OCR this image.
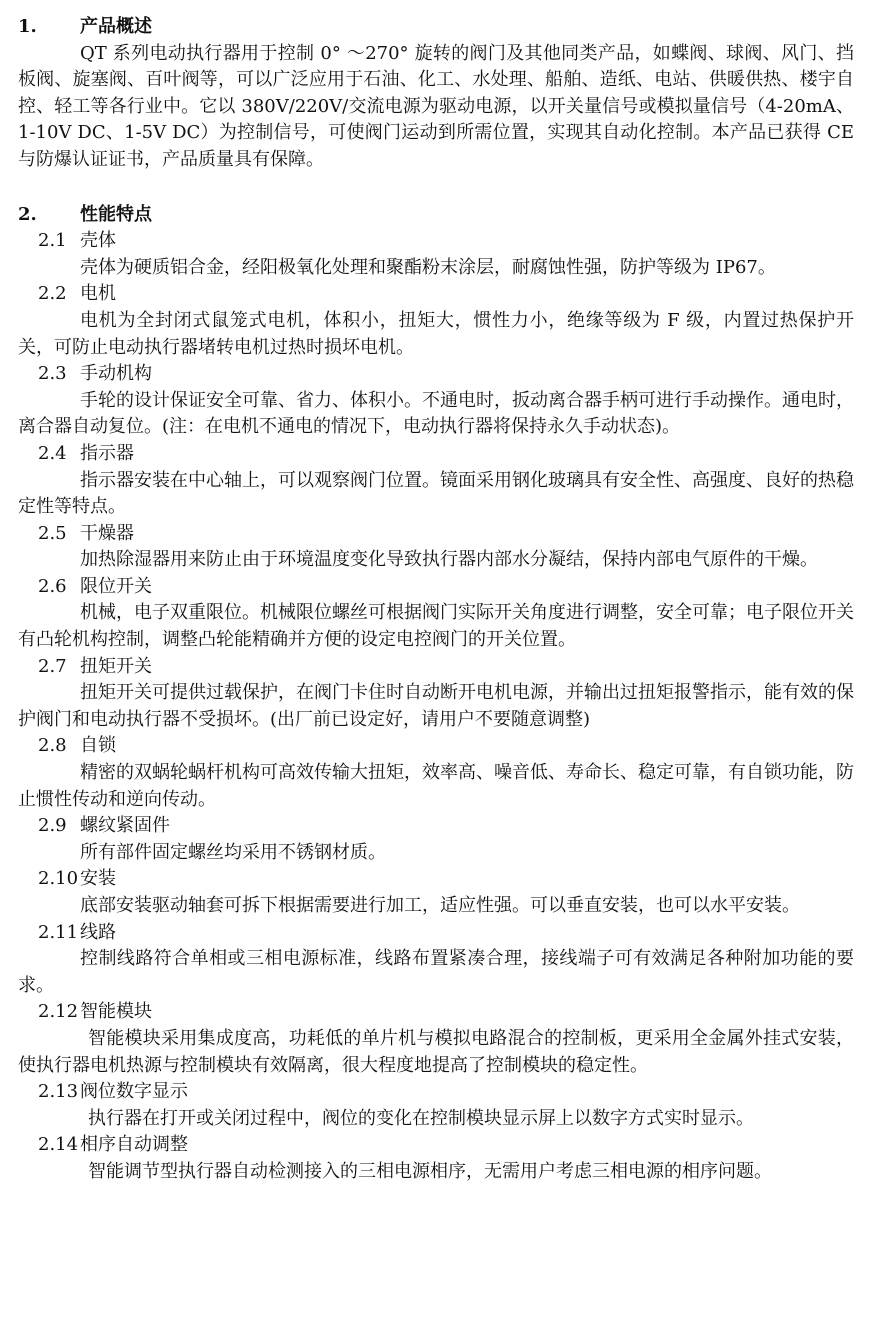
1.	产品概述

QT 系列电动执行器用于控制 0° ～270° 旋转的阀门及其他同类产品，如蝶阀、球阀、风门、挡板阀、旋塞阀、百叶阀等，可以广泛应用于石油、化工、水处理、船舶、造纸、电站、供暖供热、楼宇自控、轻工等各行业中。它以 380V/220V/交流电源为驱动电源，以开关量信号或模拟量信号（4-20mA、1-10V DC、1-5V DC）为控制信号，可使阀门运动到所需位置，实现其自动化控制。本产品已获得 CE 与防爆认证证书，产品质量具有保障。

2.	性能特点
2.1 壳体

壳体为硬质铝合金，经阳极氧化处理和聚酯粉末涂层，耐腐蚀性强，防护等级为 IP67。

2.2 电机

电机为全封闭式鼠笼式电机，体积小，扭矩大，惯性力小，绝缘等级为 F 级，内置过热保护开关，可防止电动执行器堵转电机过热时损坏电机。

2.3 手动机构

手轮的设计保证安全可靠、省力、体积小。不通电时，扳动离合器手柄可进行手动操作。通电时，离合器自动复位。(注：在电机不通电的情况下，电动执行器将保持永久手动状态)。

2.4 指示器

指示器安装在中心轴上，可以观察阀门位置。镜面采用钢化玻璃具有安全性、高强度、良好的热稳定性等特点。

2.5 干燥器

加热除湿器用来防止由于环境温度变化导致执行器内部水分凝结，保持内部电气原件的干燥。

2.6 限位开关

机械，电子双重限位。机械限位螺丝可根据阀门实际开关角度进行调整，安全可靠；电子限位开关有凸轮机构控制，调整凸轮能精确并方便的设定电控阀门的开关位置。

2.7 扭矩开关

扭矩开关可提供过载保护，在阀门卡住时自动断开电机电源，并输出过扭矩报警指示，能有效的保护阀门和电动执行器不受损坏。(出厂前已设定好，请用户不要随意调整)

2.8 自锁

精密的双蜗轮蜗杆机构可高效传输大扭矩，效率高、噪音低、寿命长、稳定可靠，有自锁功能，防止惯性传动和逆向传动。

2.9 螺纹紧固件

所有部件固定螺丝均采用不锈钢材质。

2.10 安装

底部安装驱动轴套可拆下根据需要进行加工，适应性强。可以垂直安装，也可以水平安装。

2.11 线路

控制线路符合单相或三相电源标准，线路布置紧凑合理，接线端子可有效满足各种附加功能的要求。

2.12 智能模块

智能模块采用集成度高，功耗低的单片机与模拟电路混合的控制板，更采用全金属外挂式安装，使执行器电机热源与控制模块有效隔离，很大程度地提高了控制模块的稳定性。

2.13 阀位数字显示

执行器在打开或关闭过程中，阀位的变化在控制模块显示屏上以数字方式实时显示。

2.14 相序自动调整

智能调节型执行器自动检测接入的三相电源相序，无需用户考虑三相电源的相序问题。
